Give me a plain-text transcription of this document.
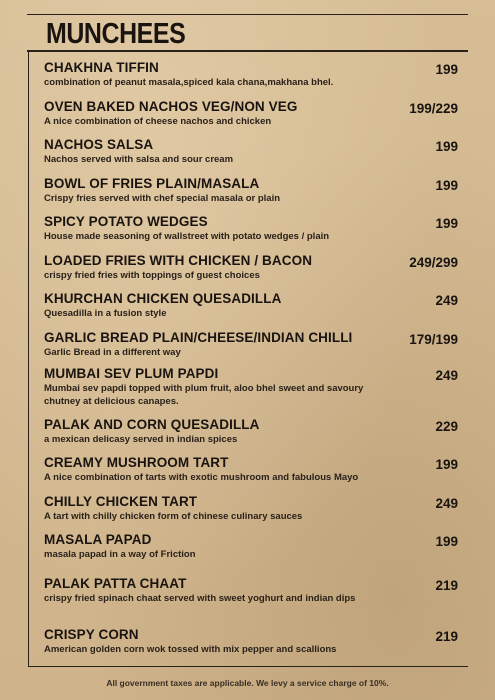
MUNCHEES
CHAKHNA TIFFIN
combination of peanut masala,spiced kala chana,makhana bhel.
199
OVEN BAKED NACHOS VEG/NON VEG
A nice combination of cheese nachos and chicken
199/229
NACHOS SALSA
Nachos served with salsa and sour cream
199
BOWL OF FRIES PLAIN/MASALA
Crispy fries served with chef special masala or plain
199
SPICY POTATO WEDGES
House made seasoning of wallstreet with potato wedges / plain
199
LOADED FRIES WITH CHICKEN / BACON
crispy fried fries with toppings of guest choices
249/299
KHURCHAN CHICKEN QUESADILLA
Quesadilla in a fusion style
249
GARLIC BREAD PLAIN/CHEESE/INDIAN CHILLI
Garlic Bread in a different way
179/199
MUMBAI SEV PLUM PAPDI
Mumbai sev papdi topped with plum fruit, aloo bhel sweet and savoury chutney at delicious canapes.
249
PALAK AND CORN QUESADILLA
a mexican delicasy served in indian spices
229
CREAMY MUSHROOM TART
A nice combination of tarts with exotic mushroom and fabulous Mayo
199
CHILLY CHICKEN TART
A tart with chilly chicken form of chinese culinary sauces
249
MASALA PAPAD
masala papad in a way of Friction
199
PALAK PATTA CHAAT
crispy fried spinach chaat served with sweet yoghurt and indian dips
219
CRISPY CORN
American golden corn wok tossed with mix pepper and scallions
219
All government taxes are applicable. We levy a service charge of 10%.
